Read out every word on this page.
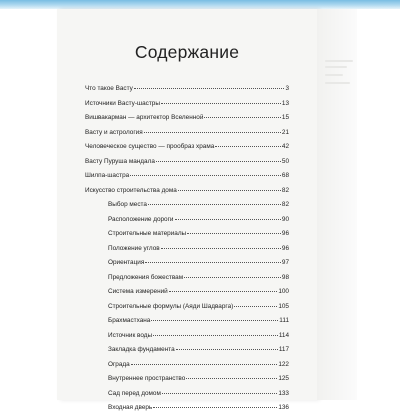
Содержание
Что такое Васту	3
Источники Васту-шастры	13
Вишвакарман — архитектор Вселенной	15
Васту и астрология	21
Человеческое существо — прообраз храма	42
Васту Пуруша мандала	50
Шилпа-шастра	68
Искусство строительства дома	82
Выбор места	82
Расположение дороги	90
Строительные материалы	96
Положение углов	96
Ориентация	97
Предложения божествам	98
Система измерений	100
Строительные формулы (Аяди Шадварга)	105
Брахмастхана	111
Источник воды	114
Закладка фундамента	117
Ограда	122
Внутреннее пространство	125
Сад перед домом	133
Входная дверь	136
